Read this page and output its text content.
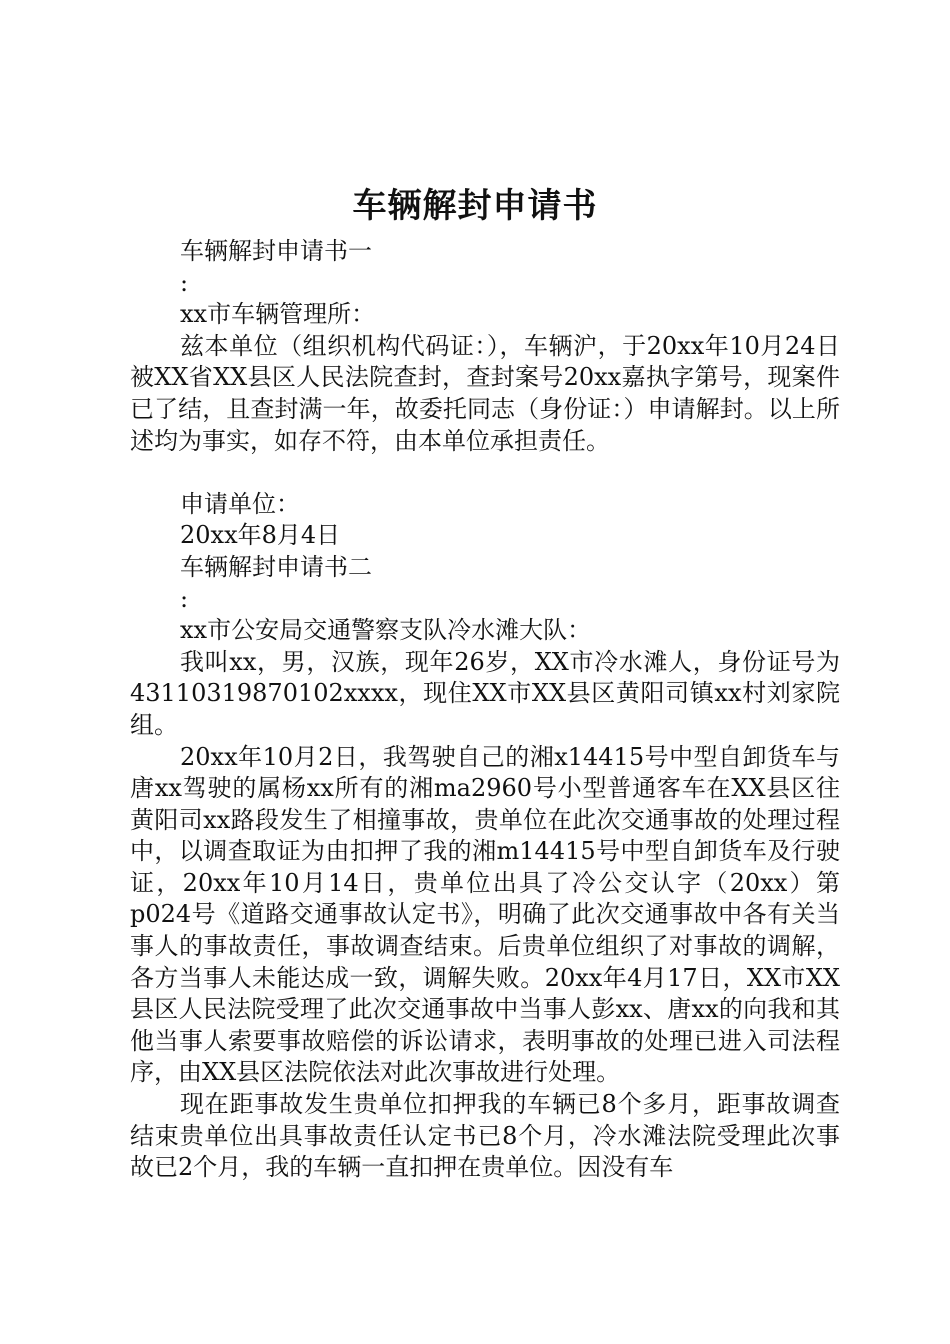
车辆解封申请书
车辆解封申请书一
:
xx市车辆管理所：
兹本单位（组织机构代码证：），车辆沪，于20xx年10月24日被XX省XX县区人民法院查封，查封案号20xx嘉执字第号，现案件已了结，且查封满一年，故委托同志（身份证：）申请解封。以上所述均为事实，如存不符，由本单位承担责任。
申请单位：
20xx年8月4日
车辆解封申请书二
:
xx市公安局交通警察支队冷水滩大队：
我叫xx，男，汉族，现年26岁，XX市冷水滩人，身份证号为43110319870102xxxx，现住XX市XX县区黄阳司镇xx村刘家院组。
20xx年10月2日，我驾驶自己的湘x14415号中型自卸货车与唐xx驾驶的属杨xx所有的湘ma2960号小型普通客车在XX县区往黄阳司xx路段发生了相撞事故，贵单位在此次交通事故的处理过程中，以调查取证为由扣押了我的湘m14415号中型自卸货车及行驶证，20xx年10月14日，贵单位出具了冷公交认字（20xx）第p024号《道路交通事故认定书》，明确了此次交通事故中各有关当事人的事故责任，事故调查结束。后贵单位组织了对事故的调解，各方当事人未能达成一致，调解失败。20xx年4月17日，XX市XX县区人民法院受理了此次交通事故中当事人彭xx、唐xx的向我和其他当事人索要事故赔偿的诉讼请求，表明事故的处理已进入司法程序，由XX县区法院依法对此次事故进行处理。
现在距事故发生贵单位扣押我的车辆已8个多月，距事故调查结束贵单位出具事故责任认定书已8个月，冷水滩法院受理此次事故已2个月，我的车辆一直扣押在贵单位。因没有车
